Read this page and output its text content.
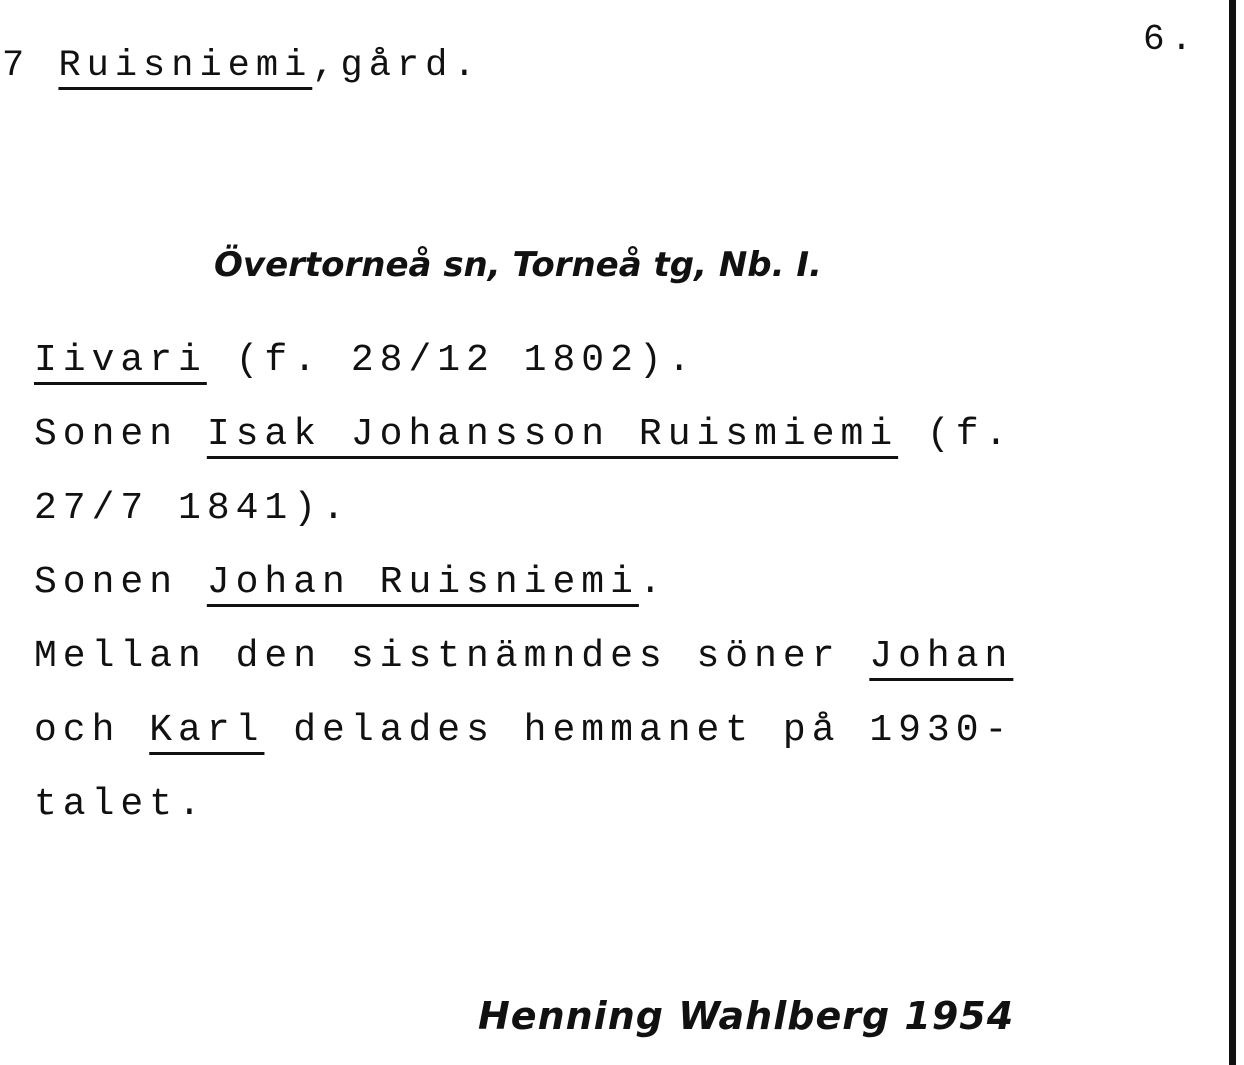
7 Ruisniemi,gård.
6.
Övertorneå sn, Torneå tg, Nb. I.
Iivari (f. 28/12 1802).
Sonen Isak Johansson Ruismiemi (f.
27/7 1841).
Sonen Johan Ruisniemi.
Mellan den sistnämndes söner Johan
och Karl delades hemmanet på 1930-
talet.
Henning Wahlberg 1954
